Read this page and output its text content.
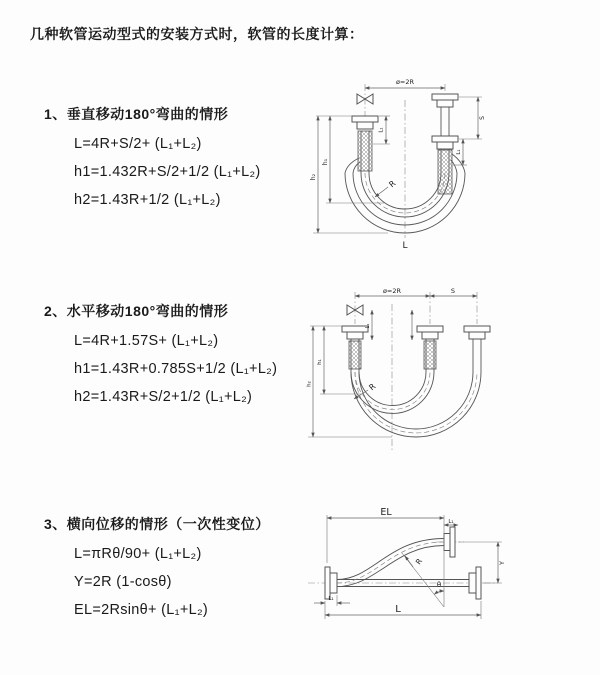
几种软管运动型式的安装方式时，软管的长度计算：
1、垂直移动180°弯曲的情形
L=4R+S/2+ (L₁+L₂)
h1=1.432R+S/2+1/2 (L₁+L₂)
h2=1.43R+1/2 (L₁+L₂)
2、水平移动180°弯曲的情形
L=4R+1.57S+ (L₁+L₂)
h1=1.43R+0.785S+1/2 (L₁+L₂)
h2=1.43R+S/2+1/2 (L₁+L₂)
3、横向位移的情形（一次性变位）
L=πRθ/90+ (L₁+L₂)
Y=2R (1-cosθ)
EL=2Rsinθ+ (L₁+L₂)
ø=2R
S
L₁
L₁
h₁
h₂
R
L
ø=2R	S
h₁
h₂
L₁
R
EL
L₁
Y
L
L₁
R
θ
